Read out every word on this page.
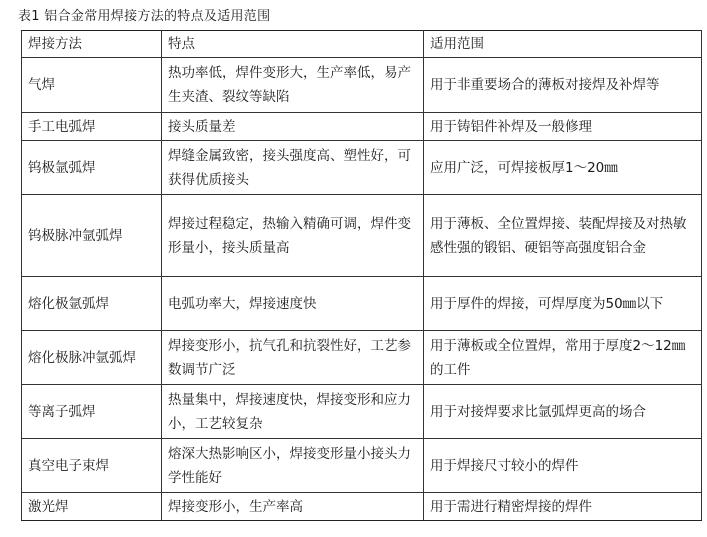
表1 铝合金常用焊接方法的特点及适用范围
焊接方法	特点	适用范围
气焊	热功率低，焊件变形大，生产率低，易产生夹渣、裂纹等缺陷	用于非重要场合的薄板对接焊及补焊等
手工电弧焊	接头质量差	用于铸铝件补焊及一般修理
钨极氩弧焊	焊缝金属致密，接头强度高、塑性好，可获得优质接头	应用广泛，可焊接板厚1～20㎜
钨极脉冲氩弧焊	焊接过程稳定，热输入精确可调，焊件变形量小，接头质量高	用于薄板、全位置焊接、装配焊接及对热敏感性强的锻铝、硬铝等高强度铝合金
熔化极氩弧焊	电弧功率大，焊接速度快	用于厚件的焊接，可焊厚度为50㎜以下
熔化极脉冲氩弧焊	焊接变形小，抗气孔和抗裂性好，工艺参数调节广泛	用于薄板或全位置焊，常用于厚度2～12㎜的工件
等离子弧焊	热量集中，焊接速度快，焊接变形和应力小，工艺较复杂	用于对接焊要求比氩弧焊更高的场合
真空电子束焊	熔深大热影响区小，焊接变形量小接头力学性能好	用于焊接尺寸较小的焊件
激光焊	焊接变形小，生产率高	用于需进行精密焊接的焊件
